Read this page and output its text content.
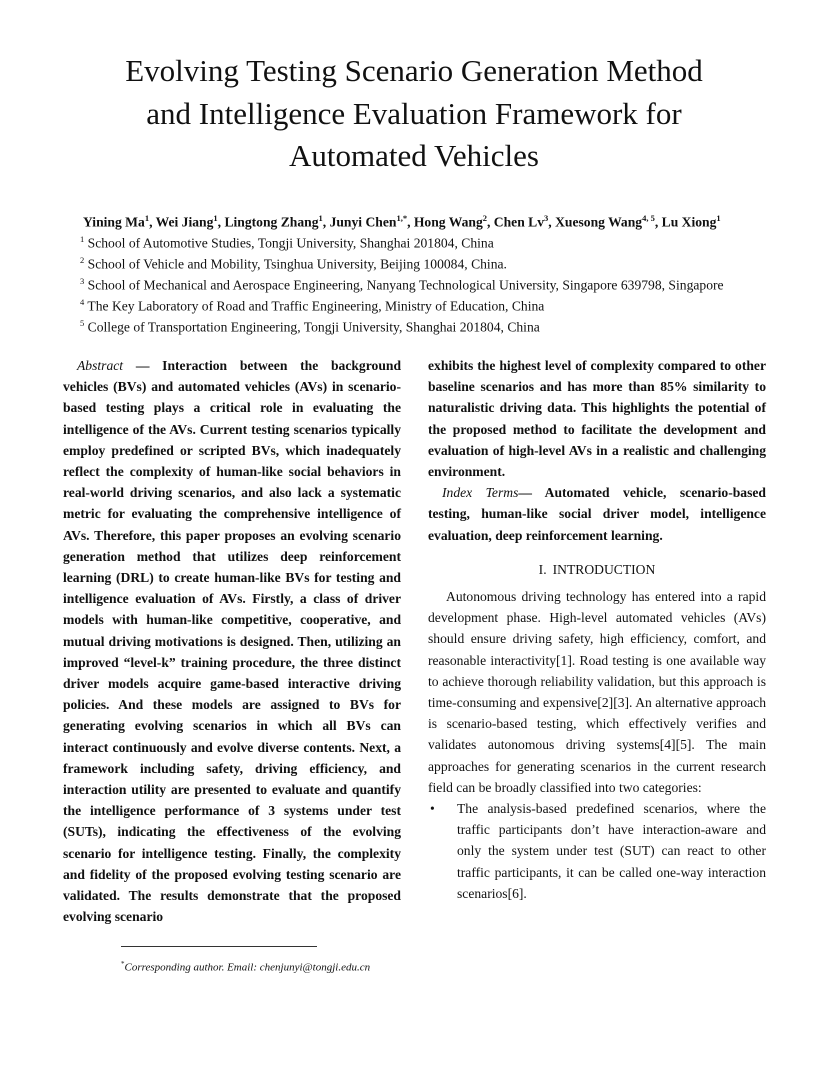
Evolving Testing Scenario Generation Method
and Intelligence Evaluation Framework for
Automated Vehicles

Yining Ma$^1$, Wei Jiang$^1$, Lingtong Zhang$^1$, Junyi Chen$^{1,*}$, Hong Wang$^2$, Chen Lv$^3$, Xuesong Wang$^{4, 5}$, Lu Xiong$^1$

$^1$ School of Automotive Studies, Tongji University, Shanghai 201804, China

$^2$ School of Vehicle and Mobility, Tsinghua University, Beijing 100084, China.

$^3$ School of Mechanical and Aerospace Engineering, Nanyang Technological University, Singapore 639798, Singapore

$^4$ The Key Laboratory of Road and Traffic Engineering, Ministry of Education, China

$^5$ College of Transportation Engineering, Tongji University, Shanghai 201804, China

Abstract — Interaction between the background vehicles (BVs) and automated vehicles (AVs) in scenario-based testing plays a critical role in evaluating the intelligence of the AVs. Current testing scenarios typically employ predefined or scripted BVs, which inadequately reflect the complexity of human-like social behaviors in real-world driving scenarios, and also lack a systematic metric for evaluating the comprehensive intelligence of AVs. Therefore, this paper proposes an evolving scenario generation method that utilizes deep reinforcement learning (DRL) to create human-like BVs for testing and intelligence evaluation of AVs. Firstly, a class of driver models with human-like competitive, cooperative, and mutual driving motivations is designed. Then, utilizing an improved “level-k” training procedure, the three distinct driver models acquire game-based interactive driving policies. And these models are assigned to BVs for generating evolving scenarios in which all BVs can interact continuously and evolve diverse contents. Next, a framework including safety, driving efficiency, and interaction utility are presented to evaluate and quantify the intelligence performance of 3 systems under test (SUTs), indicating the effectiveness of the evolving scenario for intelligence testing. Finally, the complexity and fidelity of the proposed evolving testing scenario are validated. The results demonstrate that the proposed evolving scenario

exhibits the highest level of complexity compared to other baseline scenarios and has more than 85% similarity to naturalistic driving data. This highlights the potential of the proposed method to facilitate the development and evaluation of high-level AVs in a realistic and challenging environment.

Index Terms— Automated vehicle, scenario-based testing, human-like social driver model, intelligence evaluation, deep reinforcement learning.

I. INTRODUCTION

Autonomous driving technology has entered into a rapid development phase. High-level automated vehicles (AVs) should ensure driving safety, high efficiency, comfort, and reasonable interactivity[1]. Road testing is one available way to achieve thorough reliability validation, but this approach is time-consuming and expensive[2][3]. An alternative approach is scenario-based testing, which effectively verifies and validates autonomous driving systems[4][5]. The main approaches for generating scenarios in the current research field can be broadly classified into two categories:

• The analysis-based predefined scenarios, where the traffic participants don’t have interaction-aware and only the system under test (SUT) can react to other traffic participants, it can be called one-way interaction scenarios[6].

*Corresponding author. Email: chenjunyi@tongji.edu.cn
